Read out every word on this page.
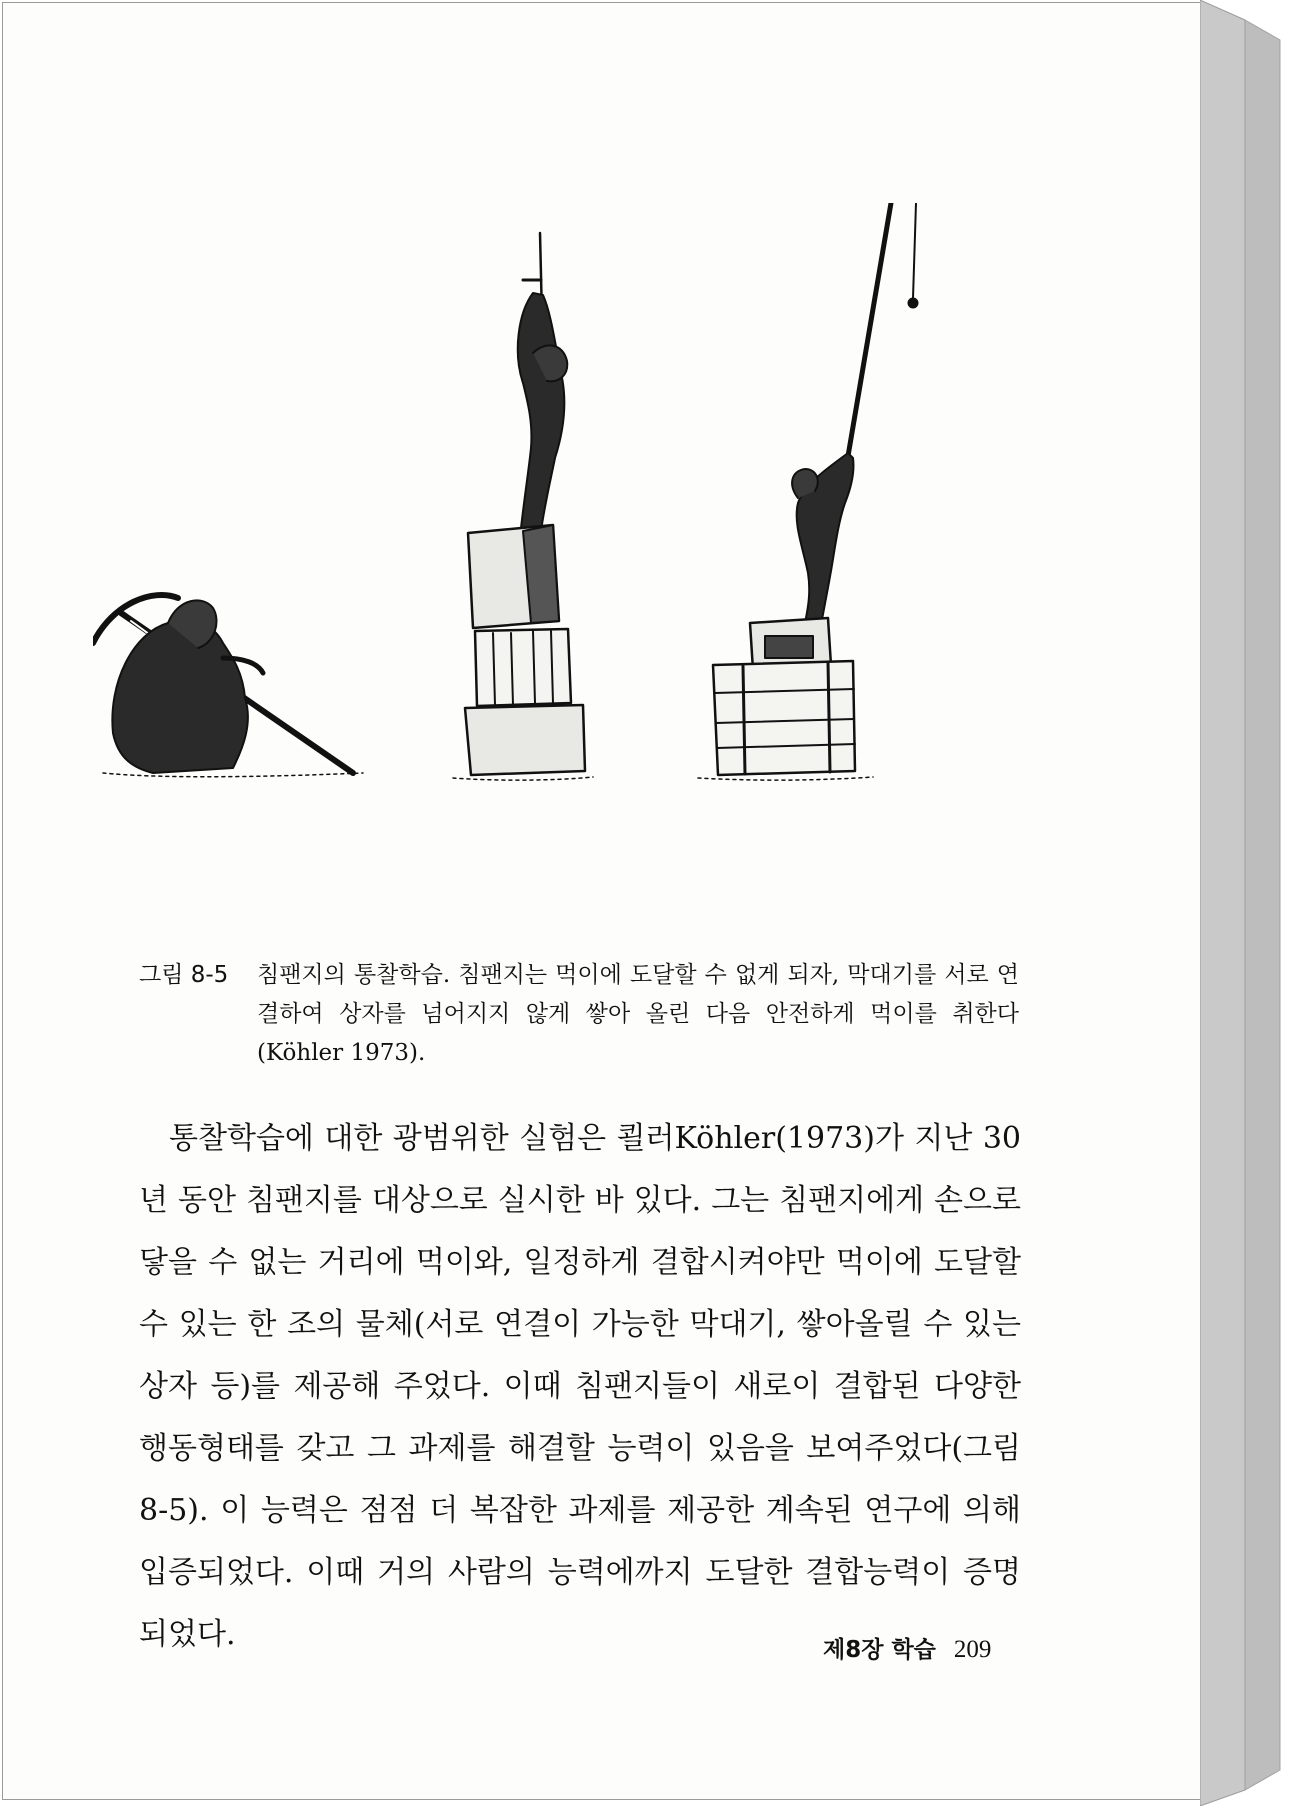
그림 8-5	침팬지의 통찰학습. 침팬지는 먹이에 도달할 수 없게 되자, 막대기를 서로 연결하여 상자를 넘어지지 않게 쌓아 올린 다음 안전하게 먹이를 취한다(Köhler 1973).

통찰학습에 대한 광범위한 실험은 쾰러Köhler(1973)가 지난 30년 동안 침팬지를 대상으로 실시한 바 있다. 그는 침팬지에게 손으로 닿을 수 없는 거리에 먹이와, 일정하게 결합시켜야만 먹이에 도달할 수 있는 한 조의 물체(서로 연결이 가능한 막대기, 쌓아올릴 수 있는 상자 등)를 제공해 주었다. 이때 침팬지들이 새로이 결합된 다양한 행동형태를 갖고 그 과제를 해결할 능력이 있음을 보여주었다(그림 8-5). 이 능력은 점점 더 복잡한 과제를 제공한 계속된 연구에 의해 입증되었다. 이때 거의 사람의 능력에까지 도달한 결합능력이 증명되었다.	제8장 학습 209
